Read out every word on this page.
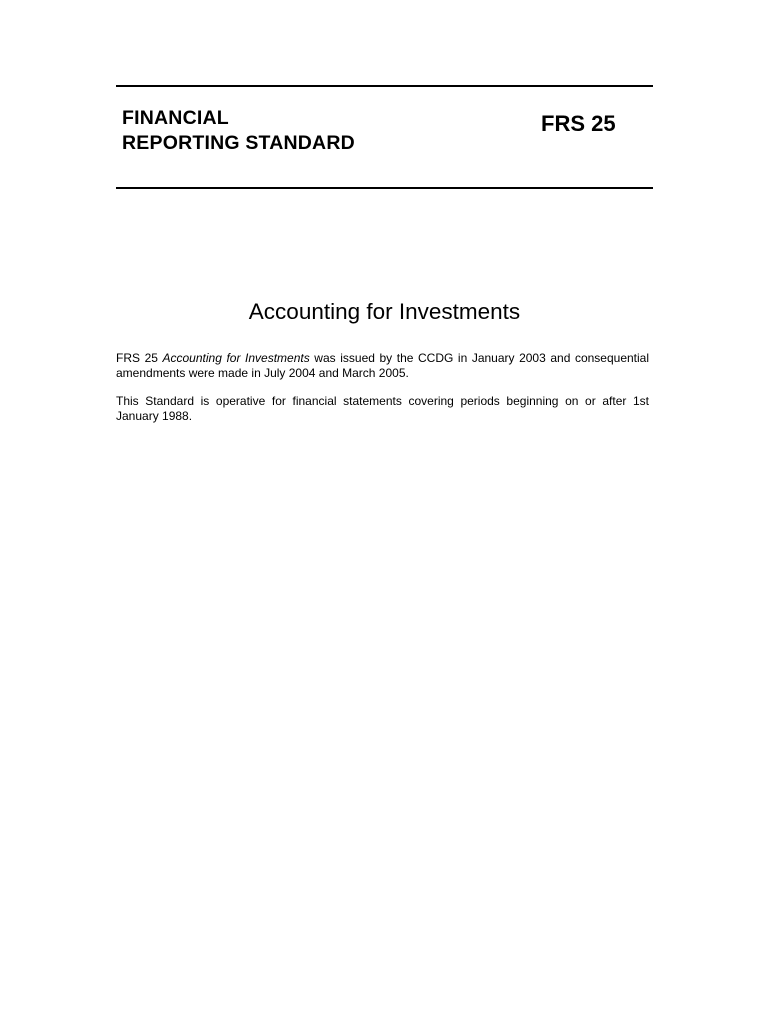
FINANCIAL
REPORTING STANDARD
FRS 25
Accounting for Investments

FRS 25 Accounting for Investments was issued by the CCDG in January 2003 and consequential amendments were made in July 2004 and March 2005.

This Standard is operative for financial statements covering periods beginning on or after 1st January 1988.
